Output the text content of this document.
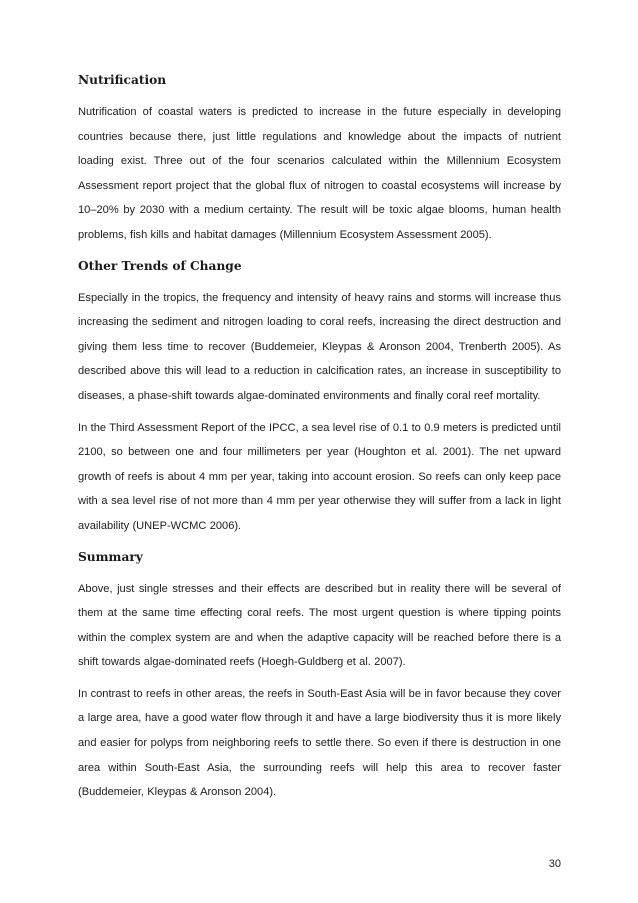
Nutrification

Nutrification of coastal waters is predicted to increase in the future especially in developing countries because there, just little regulations and knowledge about the impacts of nutrient loading exist. Three out of the four scenarios calculated within the Millennium Ecosystem Assessment report project that the global flux of nitrogen to coastal ecosystems will increase by 10–20% by 2030 with a medium certainty. The result will be toxic algae blooms, human health problems, fish kills and habitat damages (Millennium Ecosystem Assessment 2005).

Other Trends of Change

Especially in the tropics, the frequency and intensity of heavy rains and storms will increase thus increasing the sediment and nitrogen loading to coral reefs, increasing the direct destruction and giving them less time to recover (Buddemeier, Kleypas & Aronson 2004, Trenberth 2005). As described above this will lead to a reduction in calcification rates, an increase in susceptibility to diseases, a phase-shift towards algae-dominated environments and finally coral reef mortality.

In the Third Assessment Report of the IPCC, a sea level rise of 0.1 to 0.9 meters is predicted until 2100, so between one and four millimeters per year (Houghton et al. 2001). The net upward growth of reefs is about 4 mm per year, taking into account erosion. So reefs can only keep pace with a sea level rise of not more than 4 mm per year otherwise they will suffer from a lack in light availability (UNEP-WCMC 2006).

Summary

Above, just single stresses and their effects are described but in reality there will be several of them at the same time effecting coral reefs. The most urgent question is where tipping points within the complex system are and when the adaptive capacity will be reached before there is a shift towards algae-dominated reefs (Hoegh-Guldberg et al. 2007).

In contrast to reefs in other areas, the reefs in South-East Asia will be in favor because they cover a large area, have a good water flow through it and have a large biodiversity thus it is more likely and easier for polyps from neighboring reefs to settle there. So even if there is destruction in one area within South-East Asia, the surrounding reefs will help this area to recover faster (Buddemeier, Kleypas & Aronson 2004).

30
